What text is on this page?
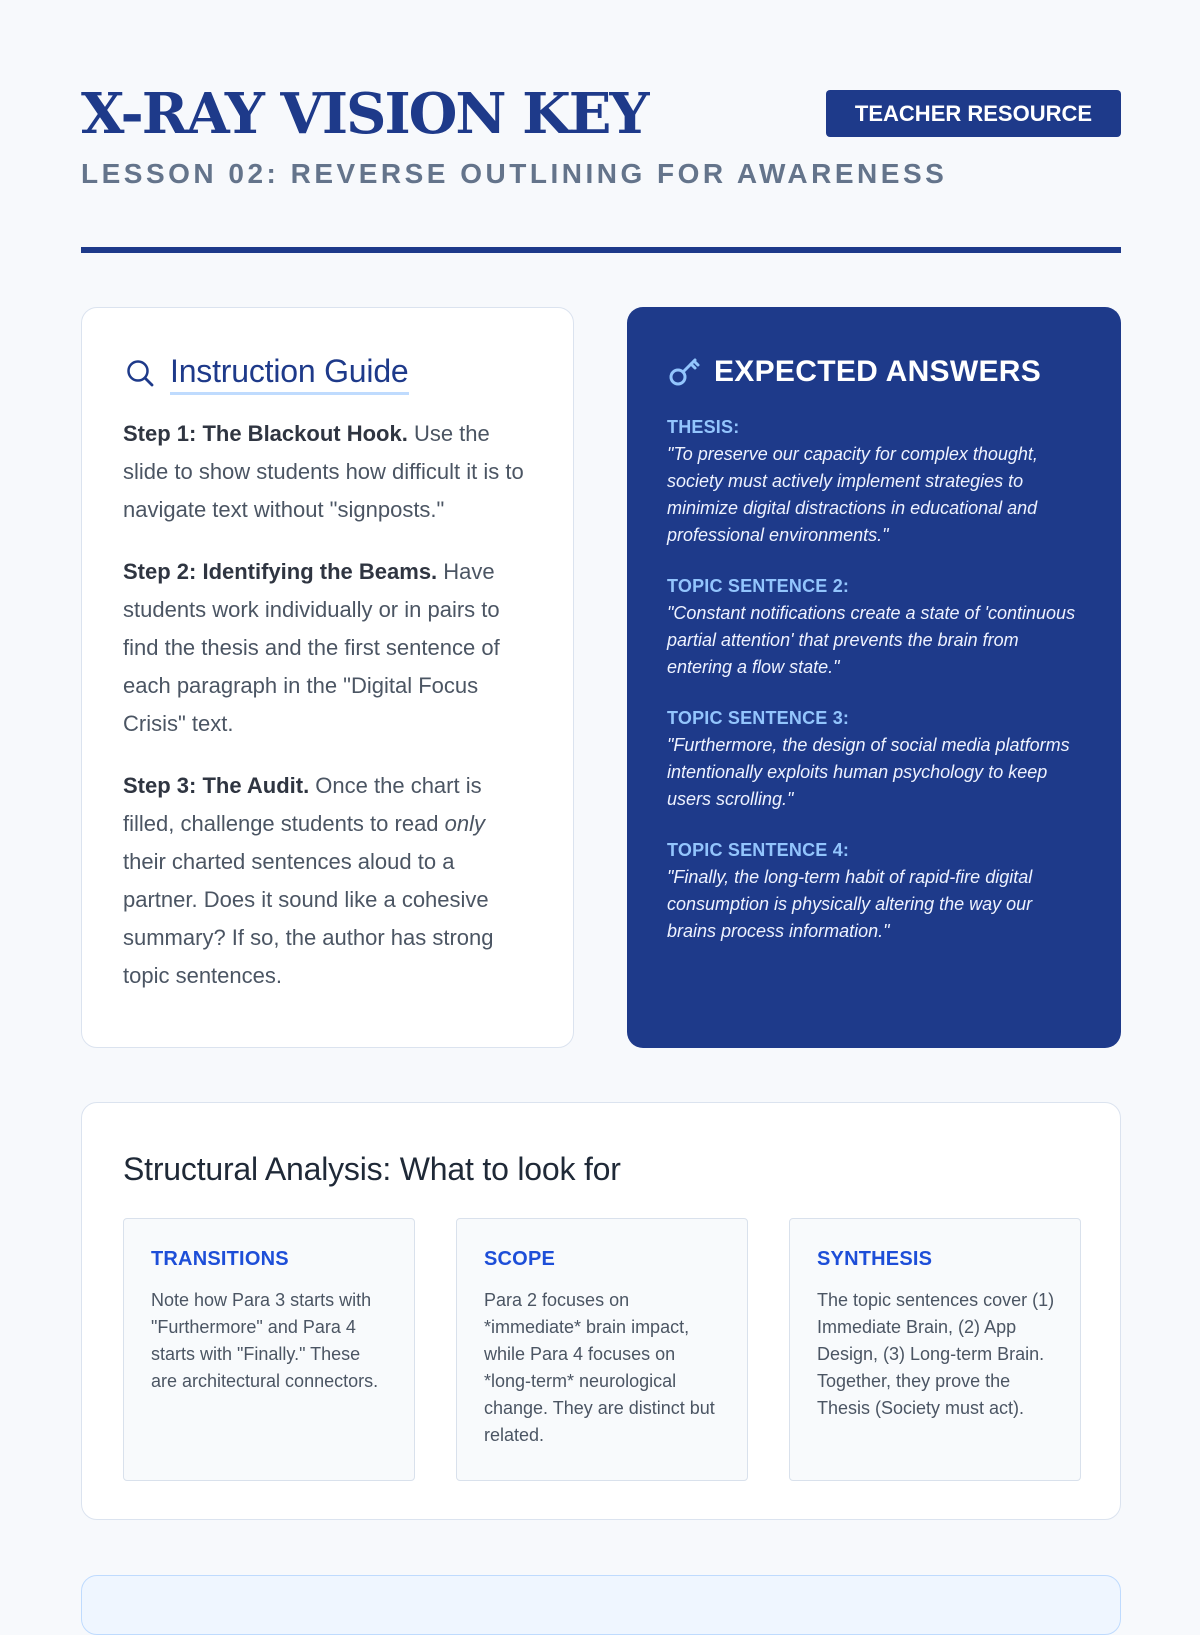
X-RAY VISION KEY	TEACHER RESOURCE

LESSON 02: REVERSE OUTLINING FOR AWARENESS

Instruction Guide

Step 1: The Blackout Hook. Use the slide to show students how difficult it is to navigate text without "signposts."

Step 2: Identifying the Beams. Have students work individually or in pairs to find the thesis and the first sentence of each paragraph in the "Digital Focus Crisis" text.

Step 3: The Audit. Once the chart is filled, challenge students to read only their charted sentences aloud to a partner. Does it sound like a cohesive summary? If so, the author has strong topic sentences.

EXPECTED ANSWERS

THESIS:

"To preserve our capacity for complex thought, society must actively implement strategies to minimize digital distractions in educational and professional environments."

TOPIC SENTENCE 2:

"Constant notifications create a state of 'continuous partial attention' that prevents the brain from entering a flow state."

TOPIC SENTENCE 3:

"Furthermore, the design of social media platforms intentionally exploits human psychology to keep users scrolling."

TOPIC SENTENCE 4:

"Finally, the long-term habit of rapid-fire digital consumption is physically altering the way our brains process information."

Structural Analysis: What to look for
TRANSITIONS

Note how Para 3 starts with "Furthermore" and Para 4 starts with "Finally." These are architectural connectors.

SCOPE

Para 2 focuses on *immediate* brain impact, while Para 4 focuses on *long-term* neurological change. They are distinct but related.

SYNTHESIS

The topic sentences cover (1) Immediate Brain, (2) App Design, (3) Long-term Brain. Together, they prove the Thesis (Society must act).
